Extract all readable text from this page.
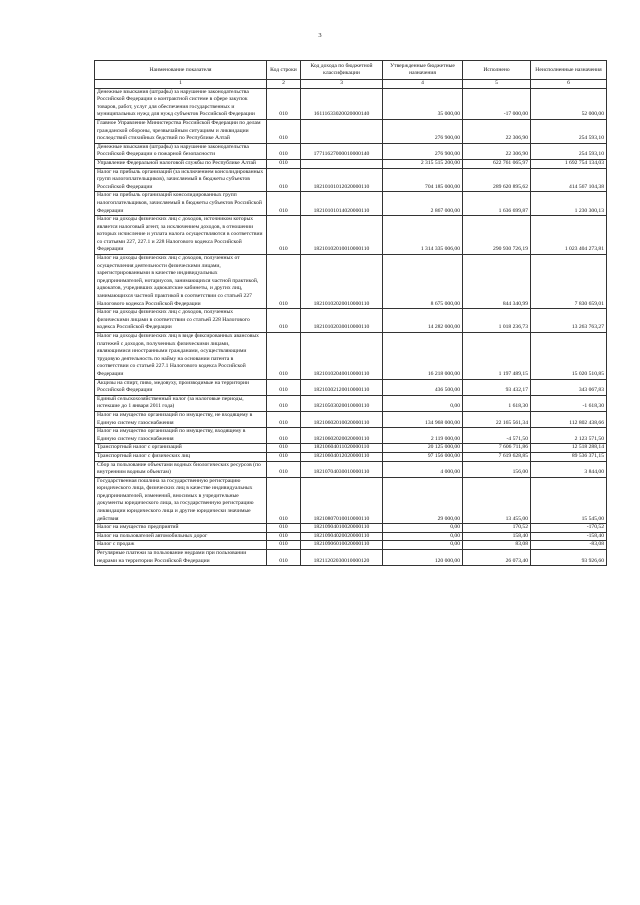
3
Наименование показателя	Код строки	Код дохода по бюджетной классификации	Утвержденные бюджетные назначения	Исполнено	Неисполненные назначения
1	2	3	4	5	6
Денежные взыскания (штрафы) за нарушение законодательства Российской Федерации о контрактной системе в сфере закупок товаров, работ, услуг для обеспечения государственных и муниципальных нужд для нужд субъектов Российской Федерации	010	16111633020020000140	35 000,00	-17 000,00	52 000,00
Главное Управление Министерства Российской Федерации по делам гражданской обороны, чрезвычайным ситуациям и ликвидации последствий стихийных бедствий по Республике Алтай	010		276 900,00	22 306,90	254 593,10
Денежные взыскания (штрафы) за нарушение законодательства Российской Федерации о пожарной безопасности	010	17711627000010000140	276 900,00	22 306,90	254 593,10
Управление Федеральной налоговой службы по Республике Алтай	010		2 315 515 200,00	622 761 065,97	1 692 754 134,03
Налог на прибыль организаций (за исключением консолидированных групп налогоплательщиков), зачисляемый в бюджеты субъектов Российской Федерации	010	18210101012020000110	704 185 000,00	289 620 895,62	414 567 104,38
Налог на прибыль организаций консолидированных групп налогоплательщиков, зачисляемый в бюджеты субъектов Российской Федерации	010	18210101014020000110	2 867 000,00	1 636 699,87	1 230 300,13
Налог на доходы физических лиц с доходов, источником которых является налоговый агент, за исключением доходов, в отношении которых исчисление и уплата налога осуществляются в соответствии со статьями 227, 227.1 и 228 Налогового кодекса Российской Федерации	010	18210102010010000110	1 314 335 006,00	290 930 726,19	1 023 404 273,81
Налог на доходы физических лиц с доходов, полученных от осуществления деятельности физическими лицами, зарегистрированными в качестве индивидуальных предпринимателей, нотариусов, занимающихся частной практикой, адвокатов, учредивших адвокатские кабинеты, и других лиц, занимающихся частной практикой в соответствии со статьей 227 Налогового кодекса Российской Федерации	010	18210102020010000110	8 675 000,00	844 340,99	7 830 659,01
Налог на доходы физических лиц с доходов, полученных физическими лицами в соответствии со статьей 228 Налогового кодекса Российской Федерации	010	18210102030010000110	14 282 000,00	1 018 236,73	13 263 763,27
Налог на доходы физических лиц в виде фиксированных авансовых платежей с доходов, полученных физическими лицами, являющимися иностранными гражданами, осуществляющими трудовую деятельность по найму на основании патента в соответствии со статьей 227.1 Налогового кодекса Российской Федерации	010	18210102040010000110	16 218 000,00	1 197 489,15	15 020 510,85
Акцизы на спирт, пиво, медовуху, производимые на территории Российской Федерации	010	18210302120010000110	436 500,00	93 432,17	343 067,83
Единый сельскохозяйственный налог (за налоговые периоды, истекшие до 1 января 2011 года)	010	18210503020010000110	0,00	1 618,30	-1 618,30
Налог на имущество организаций по имуществу, не входящему в Единую систему газоснабжения	010	18210602010020000110	134 968 000,00	22 165 561,34	112 802 438,66
Налог на имущество организаций по имуществу, входящему в Единую систему газоснабжения	010	18210602020020000110	2 119 000,00	-4 571,50	2 123 571,50
Транспортный налог с организаций	010	18210604011020000110	20 125 000,00	7 606 711,86	12 518 288,14
Транспортный налог с физических лиц	010	18210604012020000110	97 156 000,00	7 619 628,85	89 536 371,15
Сбор за пользование объектами водных биологических ресурсов (по внутренним водным объектам)	010	18210704030010000110	4 000,00	156,00	3 844,00
Государственная пошлина за государственную регистрацию юридического лица, физических лиц в качестве индивидуальных предпринимателей, изменений, вносимых в учредительные документы юридического лица, за государственную регистрацию ликвидации юридического лица и другие юридически значимые действия	010	18210807010010000110	29 000,00	13 455,00	15 545,00
Налог на имущество предприятий	010	18210904010020000110	0,00	170,52	-170,52
Налог на пользователей автомобильных дорог	010	18210904020020000110	0,00	158,40	-158,40
Налог с продаж	010	18210906010020000110	0,00	83,08	-83,08
Регулярные платежи за пользование недрами при пользовании недрами на территории Российской Федерации	010	18211202030010000120	120 000,00	26 073,40	93 926,60
